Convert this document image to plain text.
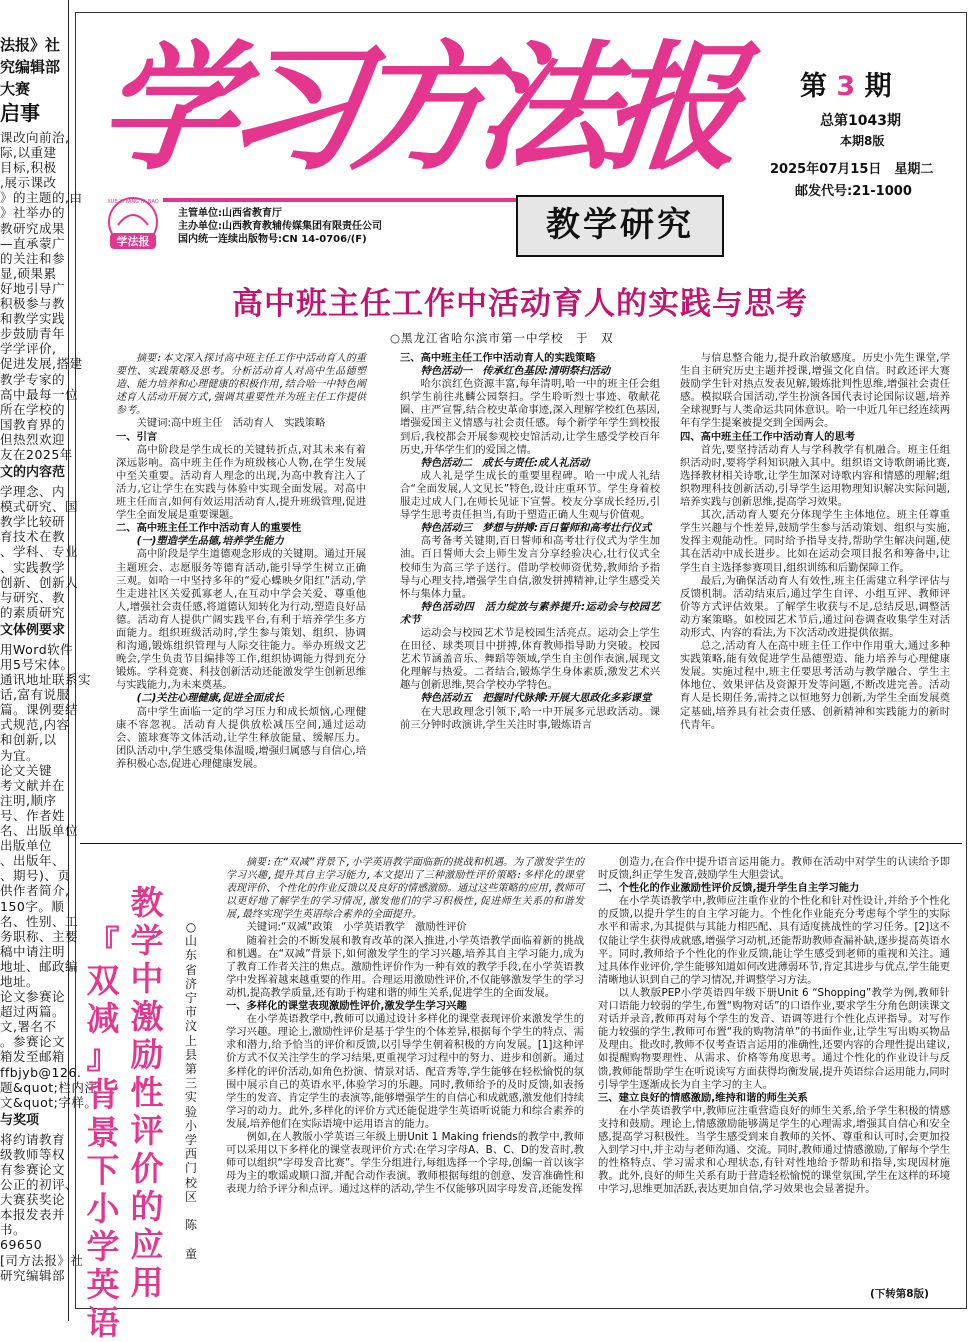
法报》社
究编辑部
大赛
启事
课改向前治,
际,以重建
目标,积极
,展示课改
》的主题的,由
》社举办的
教研究成果
—直承蒙广
的关注和参
显,硕果累
好地引导广
积极参与教
和教学实践
步鼓励青年
学学评价,
促进发展,搭建
教学专家的
高中最每一位
所在学校的
国教育界的
但热烈欢迎
友在2025年
文的内容范
学理念、内
模式研究、国
教学比较研
育技术在教
、学科、专业
、实践教学
创新、创新人
与研究、教
的素质研究
文体例要求
用Word软件
用5号宋体。
通讯地址联系实
话,富有说服
篇。课例要结
式规范,内容
和创新,以
为宜。
论文关键
考文献并在
注明,顺序
号、作者姓
名、出版单位
出版单位
、出版年、
、期号)、页
供作者简介,
150字。顺
名、性别、工
务职称、主要
稿中请注明
地址、邮政编
地址。
论文参赛论
超过两篇。
文,署名不
。参赛论文
箱发至邮箱
ffbjyb@126.
题&quot;栏内注
文&quot;字样。
与奖项
将约请教育
级教师等权
有参赛论文
公正的初评、
大赛获奖论
本报发表并
书。
69650
[司方法报》社
研究编辑部
学习方法报	第 3 期
总第1043期
本期8版
2025年07月15日　星期二
邮发代号:21-1000
学法报
XUE XI FANG FA BAO
主管单位:山西省教育厅
主办单位:山西教育教辅传媒集团有限责任公司
国内统一连续出版物号:CN 14-0706/(F)	教学研究
高中班主任工作中活动育人的实践与思考
○黑龙江省哈尔滨市第一中学校　于　双

摘要:本文深入探讨高中班主任工作中活动育人的重要性、实践策略及思考。分析活动育人对高中生品德塑造、能力培养和心理健康的积极作用,结合哈一中特色阐述育人活动开展方式,强调其重要性并为班主任工作提供参考。

关键词:高中班主任　活动育人　实践策略

一、引言

高中阶段是学生成长的关键转折点,对其未来有着深远影响。高中班主任作为班级核心人物,在学生发展中至关重要。活动育人理念的出现,为高中教育注入了活力,它让学生在实践与体验中实现全面发展。对高中班主任而言,如何有效运用活动育人,提升班级管理,促进学生全面发展是重要课题。

二、高中班主任工作中活动育人的重要性

(一)塑造学生品德,培养学生能力

高中阶段是学生道德观念形成的关键期。通过开展主题班会、志愿服务等德育活动,能引导学生树立正确三观。如哈一中坚持多年的“爱心蝶映夕阳红”活动,学生走进社区关爱孤寡老人,在互动中学会关爱、尊重他人,增强社会责任感,将道德认知转化为行动,塑造良好品德。活动育人提供广阔实践平台,有利于培养学生多方面能力。组织班级活动时,学生参与策划、组织、协调和沟通,锻炼组织管理与人际交往能力。举办班级文艺晚会,学生负责节目编排等工作,组织协调能力得到充分锻炼。学科竞赛、科技创新活动还能激发学生创新思维与实践能力,为未来奠基。

(二)关注心理健康,促进全面成长

高中学生面临一定的学习压力和成长烦恼,心理健康不容忽视。活动育人提供放松减压空间,通过运动会、篮球赛等文体活动,让学生释放能量、缓解压力。团队活动中,学生感受集体温暖,增强归属感与自信心,培养积极心态,促进心理健康发展。

三、高中班主任工作中活动育人的实践策略

特色活动一　传承红色基因:清明祭扫活动

哈尔滨红色资源丰富,每年清明,哈一中的班主任会组织学生前往兆麟公园祭扫。学生聆听烈士事迹、敬献花圈、庄严宣誓,结合校史革命事迹,深入理解学校红色基因,增强爱国主义情感与社会责任感。每个新学年学生到校报到后,我校都会开展参观校史馆活动,让学生感受学校百年历史,升华学生们的爱国之情。

特色活动二　成长与责任:成人礼活动

成人礼是学生成长的重要里程碑。哈一中成人礼结合“全面发展,人文见长”特色,设计庄重环节。学生身着校服走过成人门,在师长见证下宣誓。校友分享成长经历,引导学生思考责任担当,有助于塑造正确人生观与价值观。

特色活动三　梦想与拼搏:百日誓师和高考壮行仪式

高考备考关键期,百日誓师和高考壮行仪式为学生加油。百日誓师大会上师生发言分享经验决心,壮行仪式全校师生为高三学子送行。借助学校师资优势,教师给予指导与心理支持,增强学生自信,激发拼搏精神,让学生感受关怀与集体力量。

特色活动四　活力绽放与素养提升:运动会与校园艺术节

运动会与校园艺术节是校园生活亮点。运动会上学生在田径、球类项目中拼搏,体育教师指导助力突破。校园艺术节涵盖音乐、舞蹈等领域,学生自主创作表演,展现文化理解与热爱。二者结合,锻炼学生身体素质,激发艺术兴趣与创新思维,契合学校办学特色。

特色活动五　把握时代脉搏:开展大思政化多彩课堂

在大思政理念引领下,哈一中开展多元思政活动。课前三分钟时政演讲,学生关注时事,锻炼语言

与信息整合能力,提升政治敏感度。历史小先生课堂,学生自主研究历史主题并授课,增强文化自信。时政还评大赛鼓励学生针对热点发表见解,锻炼批判性思维,增强社会责任感。模拟联合国活动,学生扮演各国代表讨论国际议题,培养全球视野与人类命运共同体意识。哈一中近几年已经连续两年有学生提案被提交到全国两会。

四、高中班主任工作中活动育人的思考

首先,要坚持活动育人与学科教学有机融合。班主任组织活动时,要将学科知识融入其中。组织语文诗歌朗诵比赛,选择教材相关诗歌,让学生加深对诗歌内容和情感的理解;组织物理科技创新活动,引导学生运用物理知识解决实际问题,培养实践与创新思维,提高学习效果。

其次,活动育人要充分体现学生主体地位。班主任尊重学生兴趣与个性差异,鼓励学生参与活动策划、组织与实施,发挥主观能动性。同时给予指导支持,帮助学生解决问题,使其在活动中成长进步。比如在运动会项目报名和筹备中,让学生自主选择参赛项目,组织训练和后勤保障工作。

最后,为确保活动育人有效性,班主任需建立科学评估与反馈机制。活动结束后,通过学生自评、小组互评、教师评价等方式评估效果。了解学生收获与不足,总结反思,调整活动方案策略。如校园艺术节后,通过问卷调查收集学生对活动形式、内容的看法,为下次活动改进提供依据。

总之,活动育人在高中班主任工作中作用重大,通过多种实践策略,能有效促进学生品德塑造、能力培养与心理健康发展。实施过程中,班主任要思考活动与教学融合、学生主体地位、效果评估及资源开发等问题,不断改进完善。活动育人是长期任务,需持之以恒地努力创新,为学生全面发展奠定基础,培养具有社会责任感、创新精神和实践能力的新时代青年。

『
双
减
』
背
景
下
小
学
英
语
教
学
中
激
励
性
评
价
的
应
用
○
山
东
省
济
宁
市
汶
上
县
第
三
实
验
小
学
西
门
校
区

陈

童

摘要:在“双减”背景下,小学英语教学面临新的挑战和机遇。为了激发学生的学习兴趣,提升其自主学习能力,本文提出了三种激励性评价策略:多样化的课堂表现评价、个性化的作业反馈以及良好的情感激励。通过这些策略的应用,教师可以更好地了解学生的学习情况,激发他们的学习积极性,促进师生关系的和谐发展,最终实现学生英语综合素养的全面提升。

关键词:“双减”政策　小学英语教学　激励性评价

随着社会的不断发展和教育改革的深入推进,小学英语教学面临着新的挑战和机遇。在“双减”背景下,如何激发学生的学习兴趣,培养其自主学习能力,成为了教育工作者关注的焦点。激励性评价作为一种有效的教学手段,在小学英语教学中发挥着越来越重要的作用。合理运用激励性评价,不仅能够激发学生的学习动机,提高教学质量,还有助于构建和谐的师生关系,促进学生的全面发展。

一、多样化的课堂表现激励性评价,激发学生学习兴趣

在小学英语教学中,教师可以通过设计多样化的课堂表现评价来激发学生的学习兴趣。理论上,激励性评价是基于学生的个体差异,根据每个学生的特点、需求和潜力,给予恰当的评价和反馈,以引导学生朝着积极的方向发展。[1]这种评价方式不仅关注学生的学习结果,更重视学习过程中的努力、进步和创新。通过多样化的评价活动,如角色扮演、情景对话、配音秀等,学生能够在轻松愉悦的氛围中展示自己的英语水平,体验学习的乐趣。同时,教师给予的及时反馈,如表扬学生的发音、肯定学生的表演等,能够增强学生的自信心和成就感,激发他们持续学习的动力。此外,多样化的评价方式还能促进学生英语听说能力和综合素养的发展,培养他们在实际语境中运用语言的能力。

例如,在人教版小学英语三年级上册Unit 1 Making friends的教学中,教师可以采用以下多样化的课堂表现评价方式:在学习字母A、B、C、D的发音时,教师可以组织“字母发音比赛”。学生分组进行,每组选择一个字母,创编一首以该字母为主的歌谣或顺口溜,并配合动作表演。教师根据每组的创意、发音准确性和表现力给予评分和点评。通过这样的活动,学生不仅能够巩固字母发音,还能发挥

创造力,在合作中提升语言运用能力。教师在活动中对学生的认读给予即时反馈,纠正学生发音,鼓励学生大胆尝试。

二、个性化的作业激励性评价反馈,提升学生自主学习能力

在小学英语教学中,教师应注重作业的个性化和针对性设计,并给予个性化的反馈,以提升学生的自主学习能力。个性化作业能充分考虑每个学生的实际水平和需求,为其提供与其能力相匹配、具有适度挑战性的学习任务。[2]这不仅能让学生获得成就感,增强学习动机,还能帮助教师查漏补缺,逐步提高英语水平。同时,教师给予个性化的作业反馈,能让学生感受到老师的重视和关注。通过具体作业评价,学生能够知道如何改进薄弱环节,肯定其进步与优点,学生能更清晰地认识到自己的学习情况,并调整学习方法。

以人教版PEP小学英语四年级下册Unit 6 “Shopping”教学为例,教师针对口语能力较弱的学生,布置“购物对话”的口语作业,要求学生分角色朗读课文对话并录音,教师再对每个学生的发音、语调等进行个性化点评指导。对写作能力较强的学生,教师可布置“我的购物清单”的书面作业,让学生写出购买物品及理由。批改时,教师不仅考查语言运用的准确性,还要内容的合理性提出建议,如提醒购物要理性、从需求、价格等角度思考。通过个性化的作业设计与反馈,教师能帮助学生在听说读写方面获得均衡发展,提升英语综合运用能力,同时引导学生逐渐成长为自主学习的主人。

三、建立良好的情感激励,维持和谐的师生关系

在小学英语教学中,教师应注重营造良好的师生关系,给予学生积极的情感支持和鼓励。理论上,情感激励能够满足学生的心理需求,增强其自信心和安全感,提高学习积极性。当学生感受到来自教师的关怀、尊重和认可时,会更加投入到学习中,并主动与老师沟通、交流。同时,教师通过情感激励,了解每个学生的性格特点、学习需求和心理状态,有针对性地给予帮助和指导,实现因材施教。此外,良好的师生关系有助于营造轻松愉悦的课堂氛围,学生在这样的环境中学习,思维更加活跃,表达更加自信,学习效果也会显著提升。

(下转第8版)
